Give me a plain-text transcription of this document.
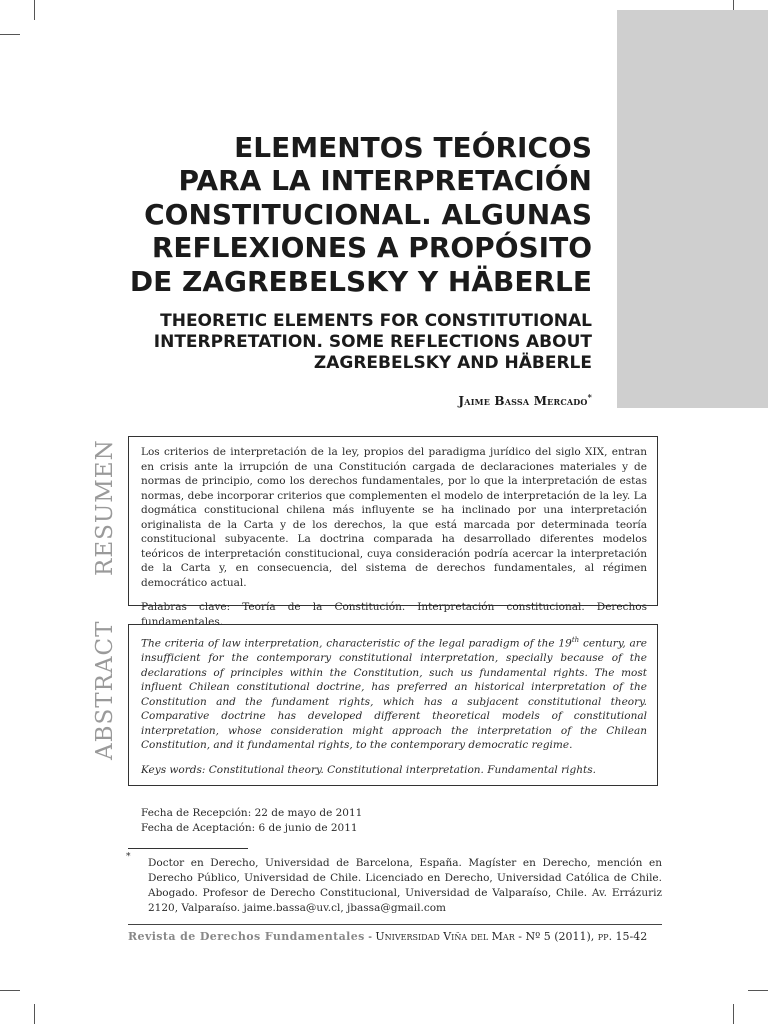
ELEMENTOS TEÓRICOS
PARA LA INTERPRETACIÓN
CONSTITUCIONAL. ALGUNAS
REFLEXIONES A PROPÓSITO
DE ZAGREBELSKY Y HÄBERLE
THEORETIC ELEMENTS FOR CONSTITUTIONAL
INTERPRETATION. SOME REFLECTIONS ABOUT
ZAGREBELSKY AND HÄBERLE
Jaime Bassa Mercado*
RESUMEN Los criterios de interpretación de la ley, propios del paradigma jurídico del siglo XIX, entran en crisis ante la irrupción de una Constitución cargada de declaraciones materiales y de normas de principio, como los derechos fundamentales, por lo que la interpretación de estas normas, debe incorporar criterios que complementen el modelo de interpretación de la ley. La dogmática constitucional chilena más influyente se ha inclinado por una interpretación originalista de la Carta y de los derechos, la que está marcada por determinada teoría constitucional subyacente. La doctrina comparada ha desarrollado diferentes modelos teóricos de interpretación constitucional, cuya consideración podría acercar la interpretación de la Carta y, en consecuencia, del sistema de derechos fundamentales, al régimen democrático actual.

Palabras clave: Teoría de la Constitución. Interpretación constitucional. Derechos fundamentales.

ABSTRACT The criteria of law interpretation, characteristic of the legal paradigm of the 19th century, are insufficient for the contemporary constitutional interpretation, specially because of the declarations of principles within the Constitution, such us fundamental rights. The most influent Chilean constitutional doctrine, has preferred an historical interpretation of the Constitution and the fundament rights, which has a subjacent constitutional theory. Comparative doctrine has developed different theoretical models of constitutional interpretation, whose consideration might approach the interpretation of the Chilean Constitution, and it fundamental rights, to the contemporary democratic regime.

Keys words: Constitutional theory. Constitutional interpretation. Fundamental rights.

Fecha de Recepción: 22 de mayo de 2011
Fecha de Aceptación: 6 de junio de 2011
* Doctor en Derecho, Universidad de Barcelona, España. Magíster en Derecho, mención en Derecho Público, Universidad de Chile. Licenciado en Derecho, Universidad Católica de Chile. Abogado. Profesor de Derecho Constitucional, Universidad de Valparaíso, Chile. Av. Errázuriz 2120, Valparaíso. jaime.bassa@uv.cl, jbassa@gmail.com

Revista de Derechos Fundamentales - Universidad Viña del Mar - Nº 5 (2011), pp. 15-42
